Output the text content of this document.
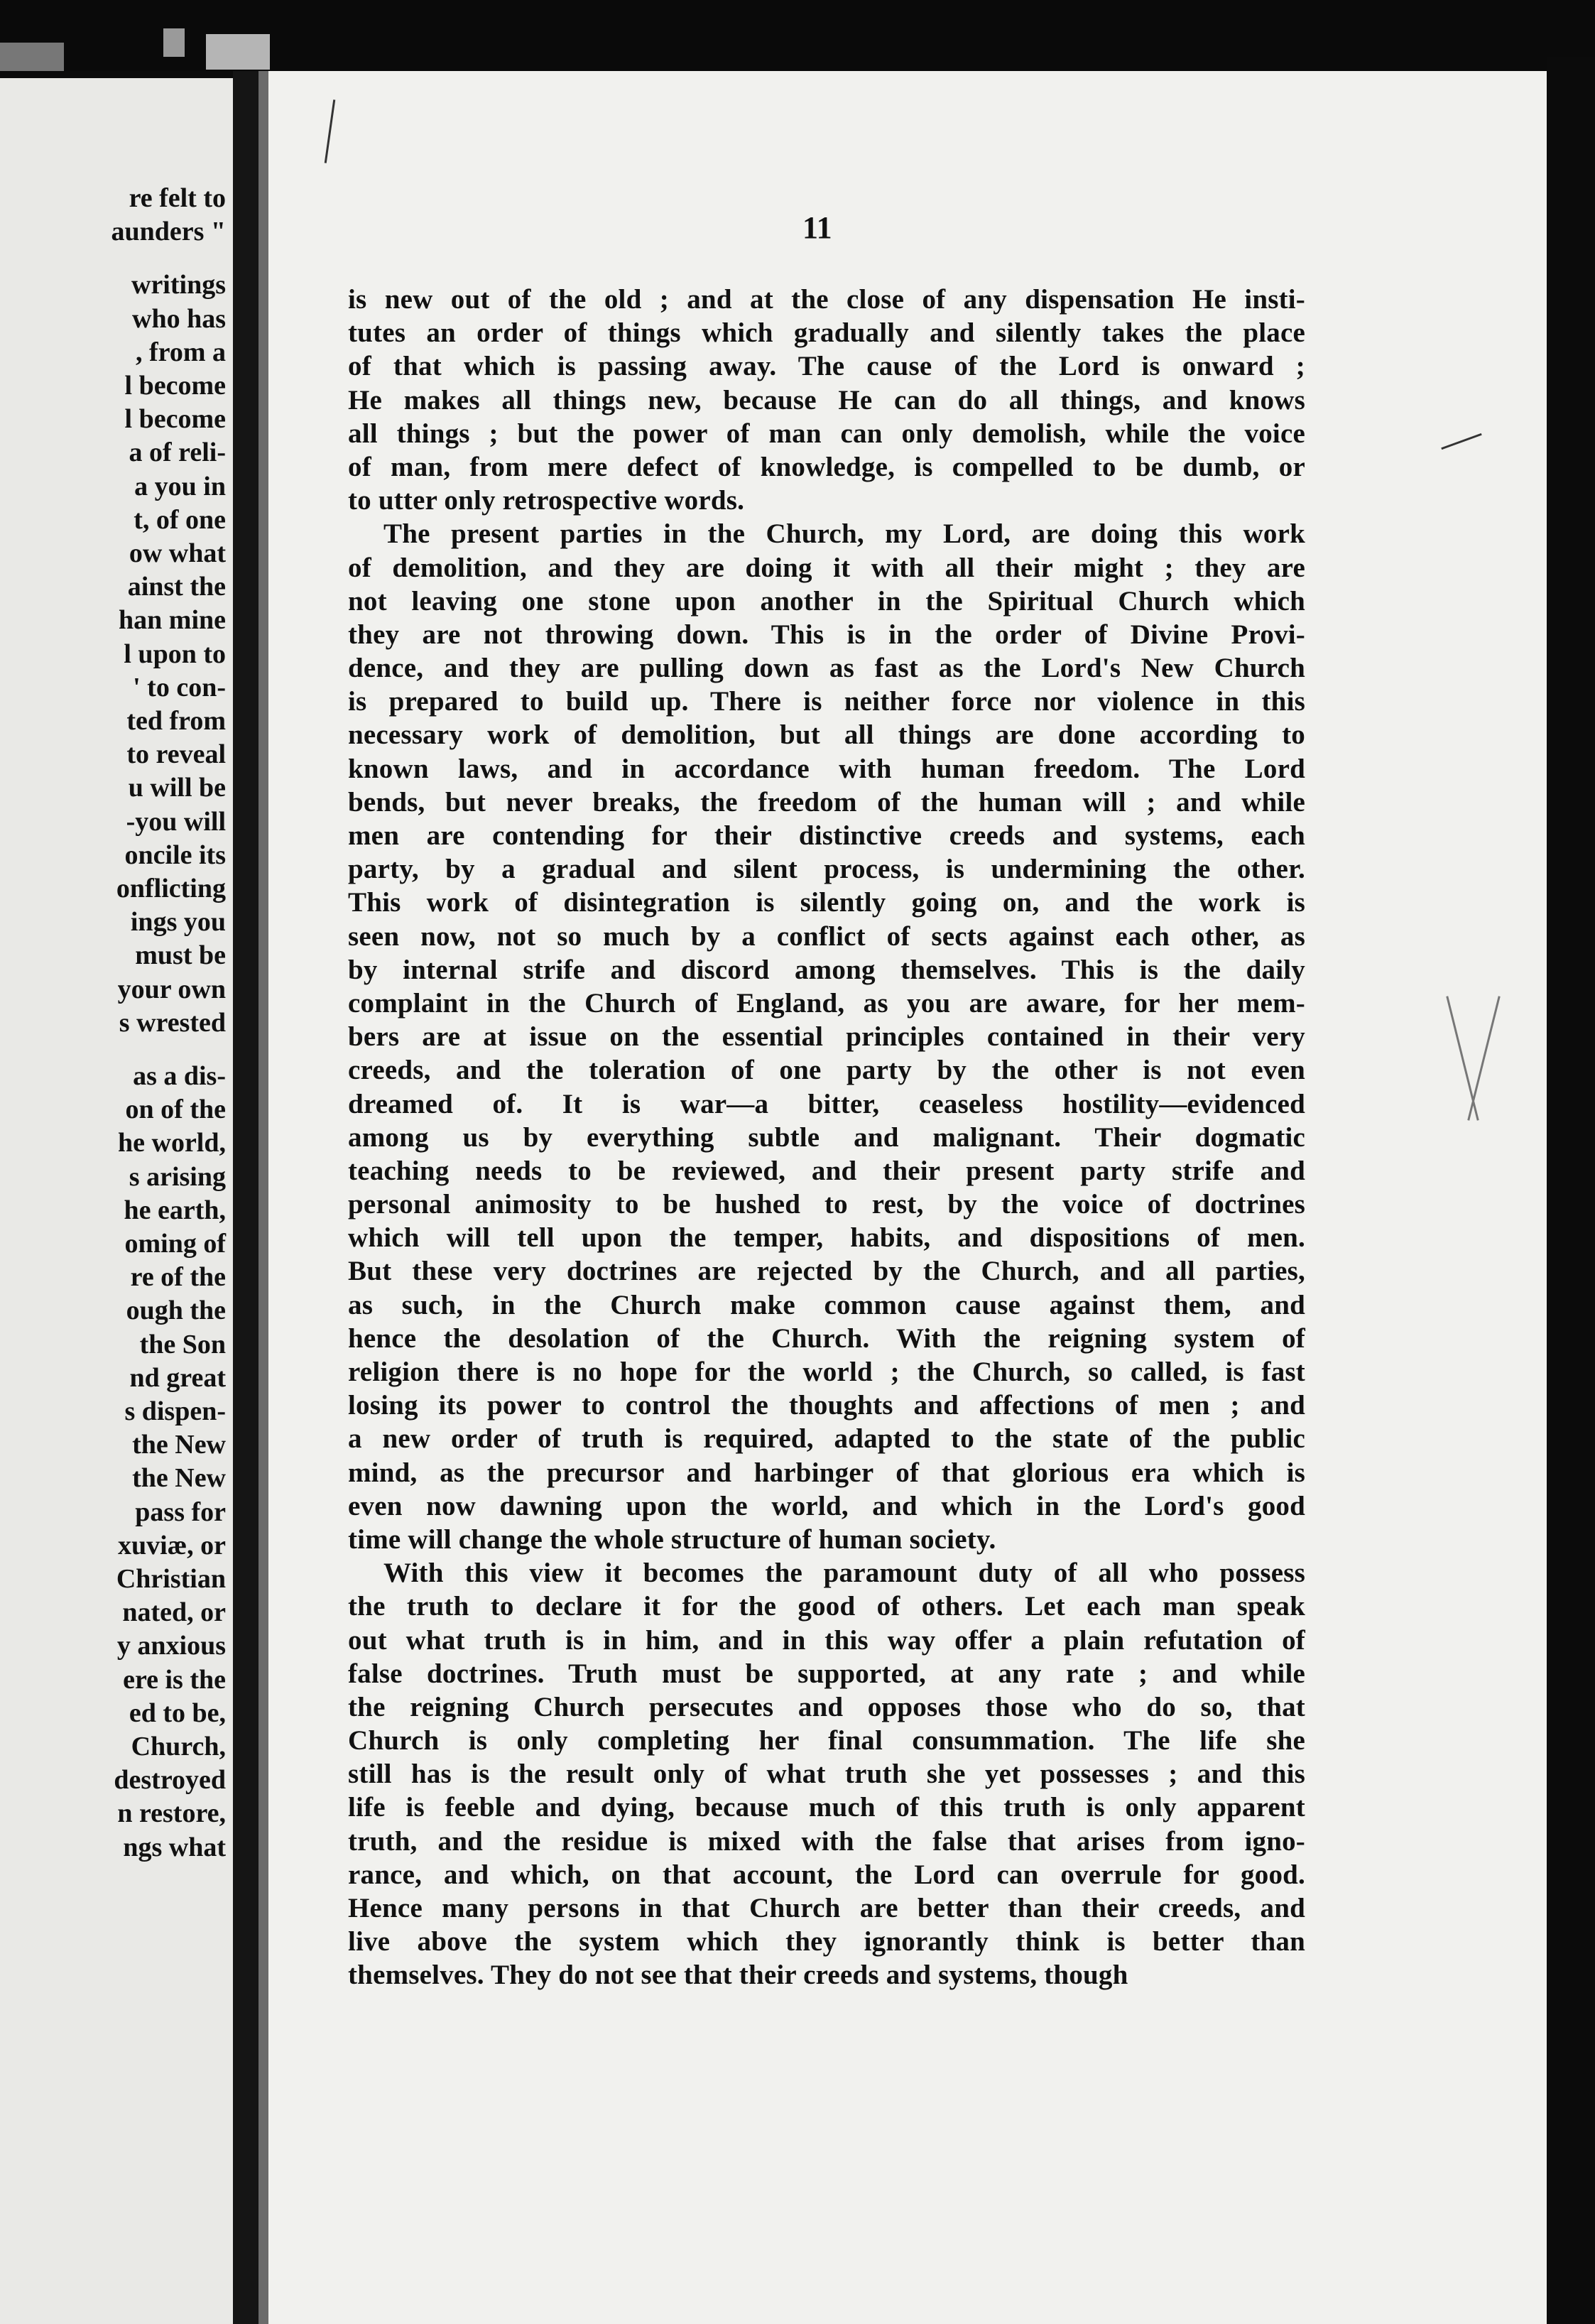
re felt to
aunders "
writings
who has
, from a
l become
l become
a of reli-
a you in
t, of one
ow what
ainst the
han mine
l upon to
' to con-
ted from
to reveal
u will be
-you will
oncile its
onflicting
ings you
must be
your own
s wrested
as a dis-
on of the
he world,
s arising
he earth,
oming of
re of the
ough the
the Son
nd great
s dispen-
the New
the New
pass for
xuviæ, or
Christian
nated, or
y anxious
ere is the
ed to be,
Church,
destroyed
n restore,
ngs what
11
is new out of the old ; and at the close of any dispensation He insti-
tutes an order of things which gradually and silently takes the place
of that which is passing away. The cause of the Lord is onward ;
He makes all things new, because He can do all things, and knows
all things ; but the power of man can only demolish, while the voice
of man, from mere defect of knowledge, is compelled to be dumb, or
to utter only retrospective words.
The present parties in the Church, my Lord, are doing this work
of demolition, and they are doing it with all their might ; they are
not leaving one stone upon another in the Spiritual Church which
they are not throwing down. This is in the order of Divine Provi-
dence, and they are pulling down as fast as the Lord's New Church
is prepared to build up. There is neither force nor violence in this
necessary work of demolition, but all things are done according to
known laws, and in accordance with human freedom. The Lord
bends, but never breaks, the freedom of the human will ; and while
men are contending for their distinctive creeds and systems, each
party, by a gradual and silent process, is undermining the other.
This work of disintegration is silently going on, and the work is
seen now, not so much by a conflict of sects against each other, as
by internal strife and discord among themselves. This is the daily
complaint in the Church of England, as you are aware, for her mem-
bers are at issue on the essential principles contained in their very
creeds, and the toleration of one party by the other is not even
dreamed of. It is war—a bitter, ceaseless hostility—evidenced
among us by everything subtle and malignant. Their dogmatic
teaching needs to be reviewed, and their present party strife and
personal animosity to be hushed to rest, by the voice of doctrines
which will tell upon the temper, habits, and dispositions of men.
But these very doctrines are rejected by the Church, and all parties,
as such, in the Church make common cause against them, and
hence the desolation of the Church. With the reigning system of
religion there is no hope for the world ; the Church, so called, is fast
losing its power to control the thoughts and affections of men ; and
a new order of truth is required, adapted to the state of the public
mind, as the precursor and harbinger of that glorious era which is
even now dawning upon the world, and which in the Lord's good
time will change the whole structure of human society.
With this view it becomes the paramount duty of all who possess
the truth to declare it for the good of others. Let each man speak
out what truth is in him, and in this way offer a plain refutation of
false doctrines. Truth must be supported, at any rate ; and while
the reigning Church persecutes and opposes those who do so, that
Church is only completing her final consummation. The life she
still has is the result only of what truth she yet possesses ; and this
life is feeble and dying, because much of this truth is only apparent
truth, and the residue is mixed with the false that arises from igno-
rance, and which, on that account, the Lord can overrule for good.
Hence many persons in that Church are better than their creeds, and
live above the system which they ignorantly think is better than
themselves. They do not see that their creeds and systems, though
